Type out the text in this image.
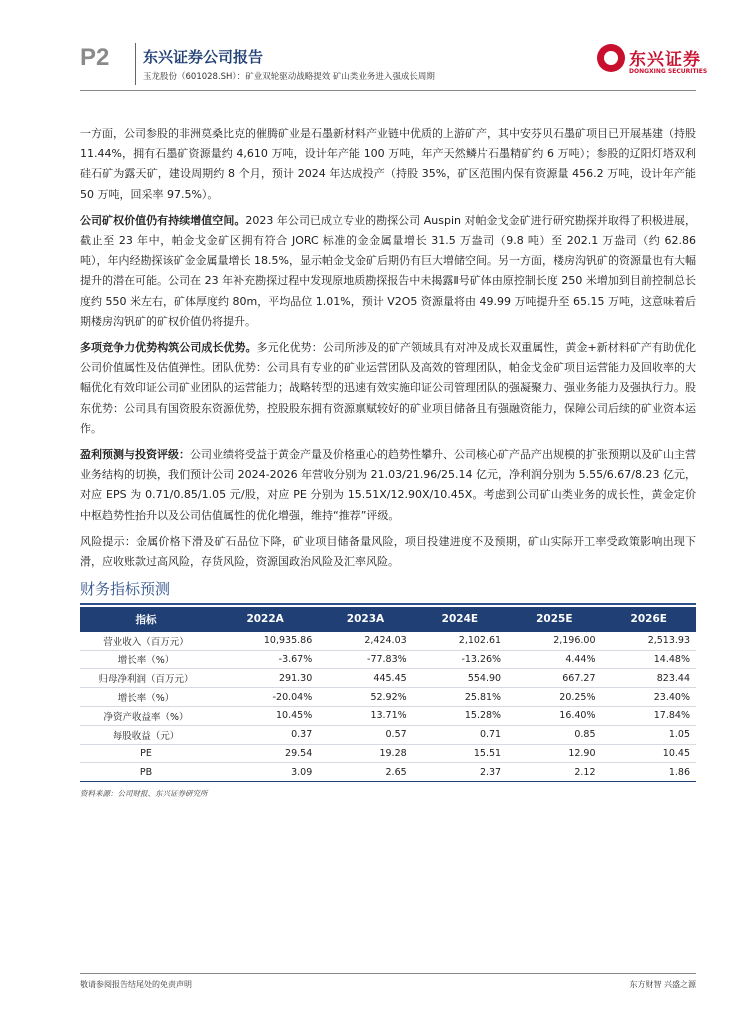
P2 东兴证券公司报告
玉龙股份（601028.SH）：矿业双轮驱动战略提效 矿山类业务进入强成长周期
东兴证券
DONGXING SECURITIES

一方面，公司参股的非洲莫桑比克的催腾矿业是石墨新材料产业链中优质的上游矿产，其中安芬贝石墨矿项目已开展基建（持股 11.44%，拥有石墨矿资源量约 4,610 万吨，设计年产能 100 万吨，年产天然鳞片石墨精矿约 6 万吨）；参股的辽阳灯塔双利硅石矿为露天矿，建设周期约 8 个月，预计 2024 年达成投产（持股 35%，矿区范围内保有资源量 456.2 万吨，设计年产能 50 万吨，回采率 97.5%）。

公司矿权价值仍有持续增值空间。2023 年公司已成立专业的勘探公司 Auspin 对帕金戈金矿进行研究勘探并取得了积极进展，截止至 23 年中，帕金戈金矿区拥有符合 JORC 标准的金金属量增长 31.5 万盎司（9.8 吨）至 202.1 万盎司（约 62.86 吨），年内经勘探该矿金金属量增长 18.5%，显示帕金戈金矿后期仍有巨大增储空间。另一方面，楼房沟钒矿的资源量也有大幅提升的潜在可能。公司在 23 年补充勘探过程中发现原地质勘探报告中未揭露Ⅱ号矿体由原控制长度 250 米增加到目前控制总长度约 550 米左右，矿体厚度约 80m，平均品位 1.01%，预计 V2O5 资源量将由 49.99 万吨提升至 65.15 万吨，这意味着后期楼房沟钒矿的矿权价值仍将提升。

多项竞争力优势构筑公司成长优势。多元化优势：公司所涉及的矿产领域具有对冲及成长双重属性，黄金+新材料矿产有助优化公司价值属性及估值弹性。团队优势：公司具有专业的矿业运营团队及高效的管理团队，帕金戈金矿项目运营能力及回收率的大幅优化有效印证公司矿业团队的运营能力；战略转型的迅速有效实施印证公司管理团队的强凝聚力、强业务能力及强执行力。股东优势：公司具有国资股东资源优势，控股股东拥有资源禀赋较好的矿业项目储备且有强融资能力，保障公司后续的矿业资本运作。

盈利预测与投资评级：公司业绩将受益于黄金产量及价格重心的趋势性攀升、公司核心矿产品产出规模的扩张预期以及矿山主营业务结构的切换，我们预计公司 2024-2026 年营收分别为 21.03/21.96/25.14 亿元，净利润分别为 5.55/6.67/8.23 亿元，对应 EPS 为 0.71/0.85/1.05 元/股，对应 PE 分别为 15.51X/12.90X/10.45X。考虑到公司矿山类业务的成长性，黄金定价中枢趋势性抬升以及公司估值属性的优化增强，维持“推荐”评级。

风险提示：金属价格下滑及矿石品位下降，矿业项目储备量风险，项目投建进度不及预期，矿山实际开工率受政策影响出现下滑，应收账款过高风险，存货风险，资源国政治风险及汇率风险。

财务指标预测
指标	2022A	2023A	2024E	2025E	2026E
营业收入（百万元）	10,935.86	2,424.03	2,102.61	2,196.00	2,513.93
增长率（%）	-3.67%	-77.83%	-13.26%	4.44%	14.48%
归母净利润（百万元）	291.30	445.45	554.90	667.27	823.44
增长率（%）	-20.04%	52.92%	25.81%	20.25%	23.40%
净资产收益率（%）	10.45%	13.71%	15.28%	16.40%	17.84%
每股收益（元）	0.37	0.57	0.71	0.85	1.05
PE	29.54	19.28	15.51	12.90	10.45
PB	3.09	2.65	2.37	2.12	1.86
资料来源：公司财报、东兴证券研究所
敬请参阅报告结尾处的免责声明	东方财智 兴盛之源
